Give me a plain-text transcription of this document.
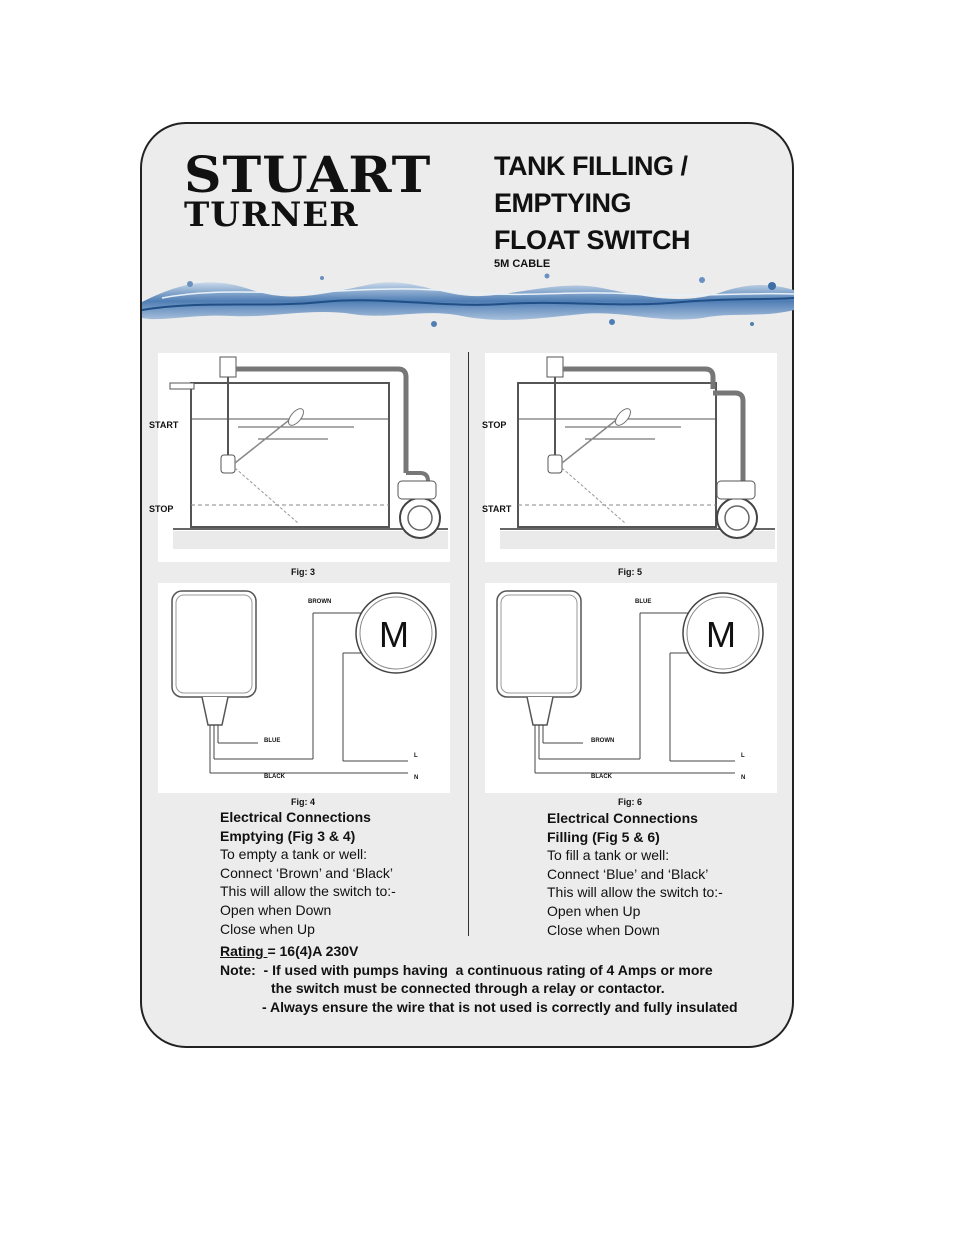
STUART
TURNER
TANK FILLING /
EMPTYING
FLOAT SWITCH
5M CABLE
START
STOP
Fig: 3
STOP
START
Fig: 5
M
BROWN
BLUE
BLACK
L
N
Fig: 4
M
BLUE
BROWN
BLACK
L
N
Fig: 6
Electrical Connections
Emptying (Fig 3 & 4)
To empty a tank or well:
Connect ‘Brown’ and ‘Black’
This will allow the switch to:-
Open when Down
Close when Up
Electrical Connections
Filling (Fig 5 & 6)
To fill a tank or well:
Connect ‘Blue’ and ‘Black’
This will allow the switch to:-
Open when Up
Close when Down
Rating = 16(4)A 230V
Note:  - If used with pumps having  a continuous rating of 4 Amps or more
the switch must be connected through a relay or contactor.
- Always ensure the wire that is not used is correctly and fully insulated
